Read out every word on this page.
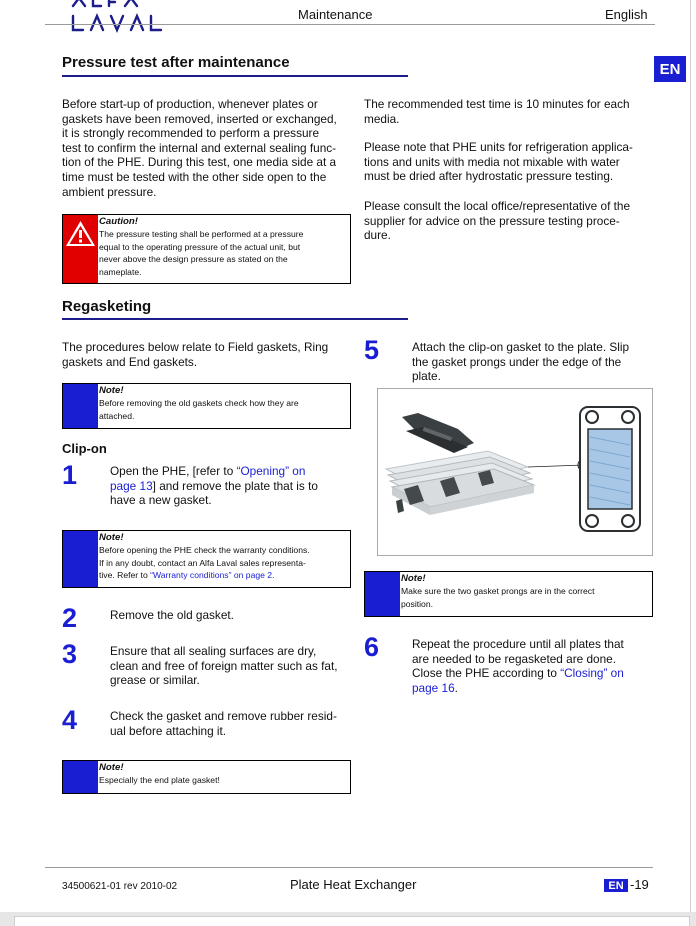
Maintenance	English
EN
Pressure test after maintenance
Before start-up of production, whenever plates or
gaskets have been removed, inserted or exchanged,
it is strongly recommended to perform a pressure
test to confirm the internal and external sealing func-
tion of the PHE. During this test, one media side at a
time must be tested with the other side open to the
ambient pressure.
Caution!
The pressure testing shall be performed at a pressure
equal to the operating pressure of the actual unit, but
never above the design pressure as stated on the
nameplate.
The recommended test time is 10 minutes for each
media.
Please note that PHE units for refrigeration applica-
tions and units with media not mixable with water
must be dried after hydrostatic pressure testing.
Please consult the local office/representative of the
supplier for advice on the pressure testing proce-
dure.
Regasketing
The procedures below relate to Field gaskets, Ring
gaskets and End gaskets.
Note!
Before removing the old gaskets check how they are
attached.
Clip-on
1	Open the PHE, [refer to “Opening” on
page 13] and remove the plate that is to
have a new gasket.
Note!
Before opening the PHE check the warranty conditions.
If in any doubt, contact an Alfa Laval sales representa-
tive. Refer to “Warranty conditions” on page 2.
2	Remove the old gasket.
3	Ensure that all sealing surfaces are dry,
clean and free of foreign matter such as fat,
grease or similar.
4	Check the gasket and remove rubber resid-
ual before attaching it.
Note!
Especially the end plate gasket!
5	Attach the clip-on gasket to the plate. Slip
the gasket prongs under the edge of the
plate.
Note!
Make sure the two gasket prongs are in the correct
position.
6	Repeat the procedure until all plates that
are needed to be regasketed are done.
Close the PHE according to “Closing” on
page 16.
34500621-01 rev 2010-02	Plate Heat Exchanger	EN -19
